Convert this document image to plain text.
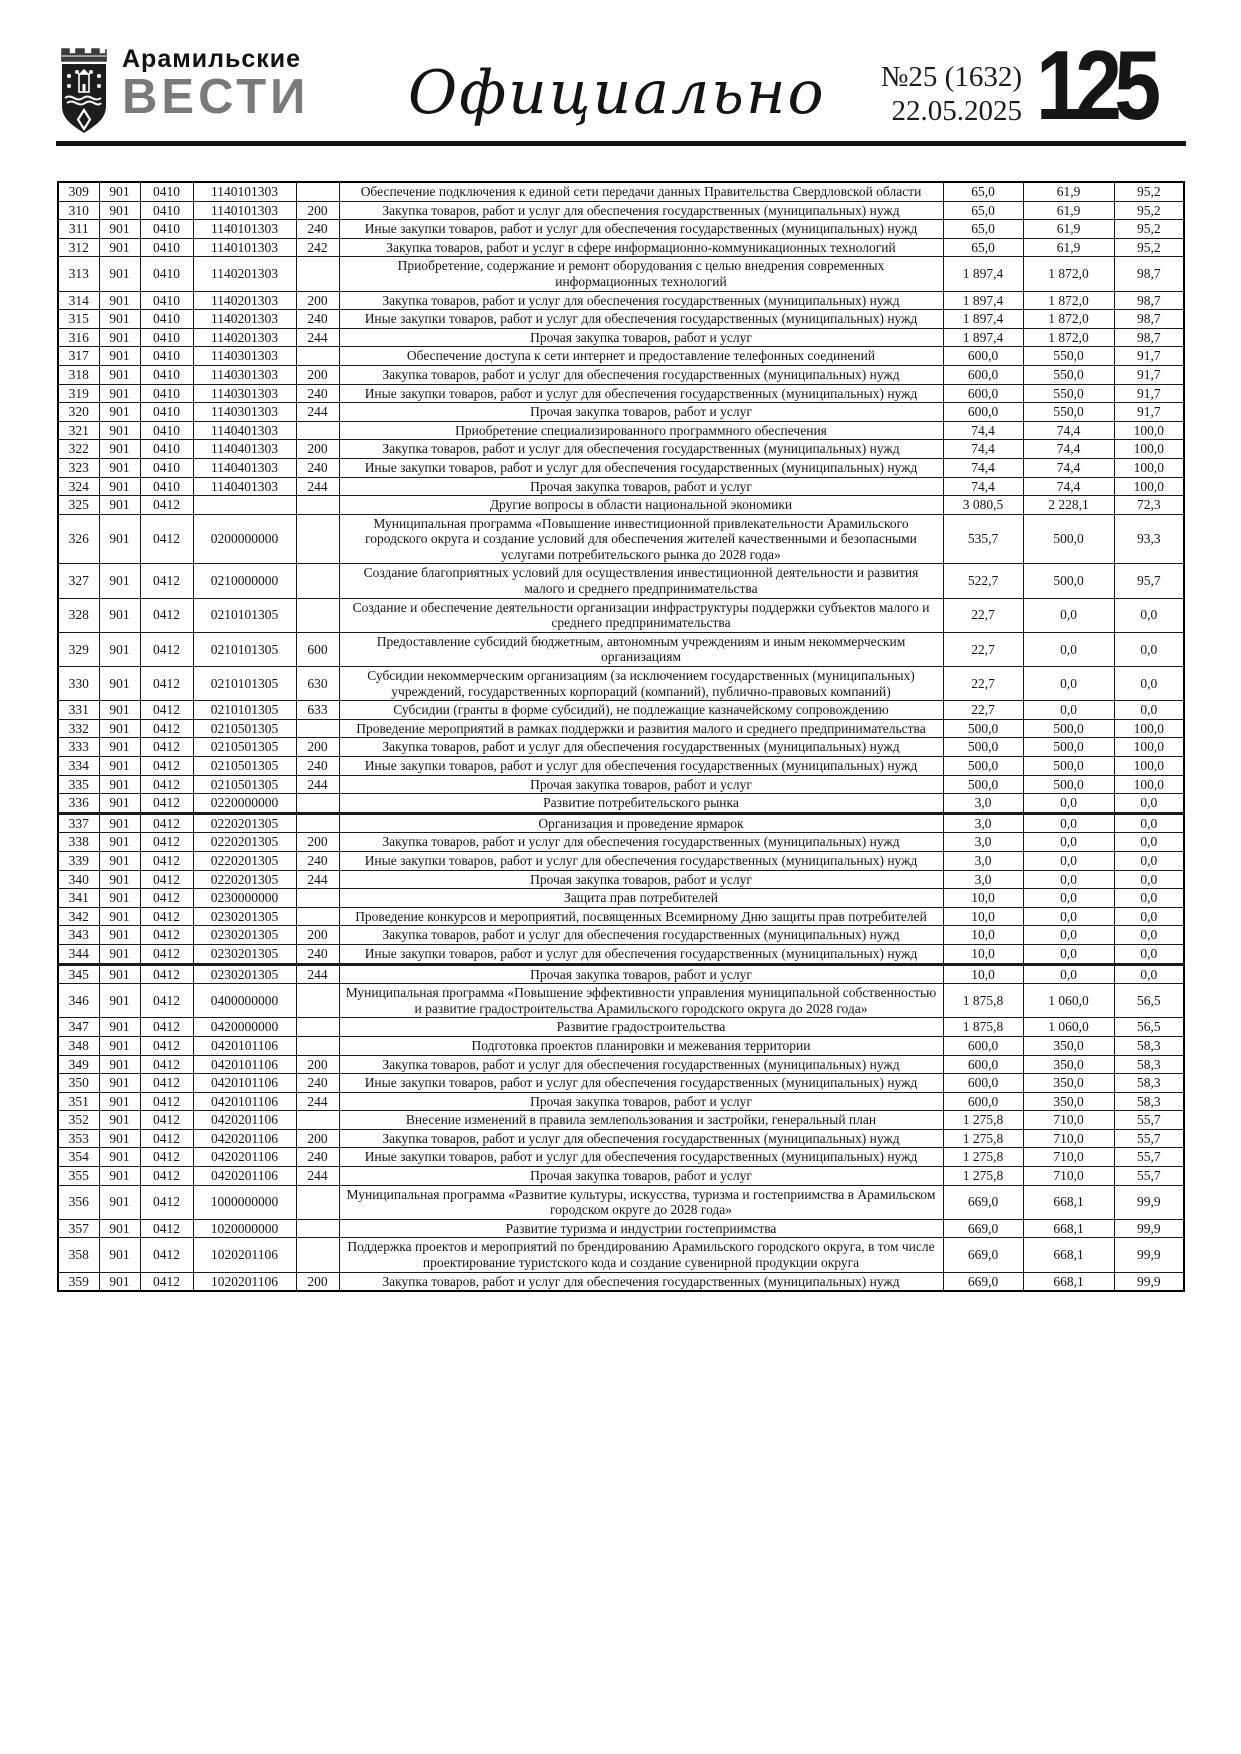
Арамильские
ВЕСТИ Официально №25 (1632)
22.05.2025 125
309	901	0410	1140101303		Обеспечение подключения к единой сети передачи данных Правительства Свердловской области	65,0	61,9	95,2
310	901	0410	1140101303	200	Закупка товаров, работ и услуг для обеспечения государственных (муниципальных) нужд	65,0	61,9	95,2
311	901	0410	1140101303	240	Иные закупки товаров, работ и услуг для обеспечения государственных (муниципальных) нужд	65,0	61,9	95,2
312	901	0410	1140101303	242	Закупка товаров, работ и услуг в сфере информационно-коммуникационных технологий	65,0	61,9	95,2
313	901	0410	1140201303		Приобретение, содержание и ремонт оборудования с целью внедрения современных информационных технологий	1 897,4	1 872,0	98,7
314	901	0410	1140201303	200	Закупка товаров, работ и услуг для обеспечения государственных (муниципальных) нужд	1 897,4	1 872,0	98,7
315	901	0410	1140201303	240	Иные закупки товаров, работ и услуг для обеспечения государственных (муниципальных) нужд	1 897,4	1 872,0	98,7
316	901	0410	1140201303	244	Прочая закупка товаров, работ и услуг	1 897,4	1 872,0	98,7
317	901	0410	1140301303		Обеспечение доступа к сети интернет и предоставление телефонных соединений	600,0	550,0	91,7
318	901	0410	1140301303	200	Закупка товаров, работ и услуг для обеспечения государственных (муниципальных) нужд	600,0	550,0	91,7
319	901	0410	1140301303	240	Иные закупки товаров, работ и услуг для обеспечения государственных (муниципальных) нужд	600,0	550,0	91,7
320	901	0410	1140301303	244	Прочая закупка товаров, работ и услуг	600,0	550,0	91,7
321	901	0410	1140401303		Приобретение специализированного программного обеспечения	74,4	74,4	100,0
322	901	0410	1140401303	200	Закупка товаров, работ и услуг для обеспечения государственных (муниципальных) нужд	74,4	74,4	100,0
323	901	0410	1140401303	240	Иные закупки товаров, работ и услуг для обеспечения государственных (муниципальных) нужд	74,4	74,4	100,0
324	901	0410	1140401303	244	Прочая закупка товаров, работ и услуг	74,4	74,4	100,0
325	901	0412			Другие вопросы в области национальной экономики	3 080,5	2 228,1	72,3
326	901	0412	0200000000		Муниципальная программа «Повышение инвестиционной привлекательности Арамильского городского округа и создание условий для обеспечения жителей качественными и безопасными услугами потребительского рынка до 2028 года»	535,7	500,0	93,3
327	901	0412	0210000000		Создание благоприятных условий для осуществления инвестиционной деятельности и развития малого и среднего предпринимательства	522,7	500,0	95,7
328	901	0412	0210101305		Создание и обеспечение деятельности организации инфраструктуры поддержки субъектов малого и среднего предпринимательства	22,7	0,0	0,0
329	901	0412	0210101305	600	Предоставление субсидий бюджетным, автономным учреждениям и иным некоммерческим организациям	22,7	0,0	0,0
330	901	0412	0210101305	630	Субсидии некоммерческим организациям (за исключением государственных (муниципальных) учреждений, государственных корпораций (компаний), публично-правовых компаний)	22,7	0,0	0,0
331	901	0412	0210101305	633	Субсидии (гранты в форме субсидий), не подлежащие казначейскому сопровождению	22,7	0,0	0,0
332	901	0412	0210501305		Проведение мероприятий в рамках поддержки и развития малого и среднего предпринимательства	500,0	500,0	100,0
333	901	0412	0210501305	200	Закупка товаров, работ и услуг для обеспечения государственных (муниципальных) нужд	500,0	500,0	100,0
334	901	0412	0210501305	240	Иные закупки товаров, работ и услуг для обеспечения государственных (муниципальных) нужд	500,0	500,0	100,0
335	901	0412	0210501305	244	Прочая закупка товаров, работ и услуг	500,0	500,0	100,0
336	901	0412	0220000000		Развитие потребительского рынка	3,0	0,0	0,0
337	901	0412	0220201305		Организация и проведение ярмарок	3,0	0,0	0,0
338	901	0412	0220201305	200	Закупка товаров, работ и услуг для обеспечения государственных (муниципальных) нужд	3,0	0,0	0,0
339	901	0412	0220201305	240	Иные закупки товаров, работ и услуг для обеспечения государственных (муниципальных) нужд	3,0	0,0	0,0
340	901	0412	0220201305	244	Прочая закупка товаров, работ и услуг	3,0	0,0	0,0
341	901	0412	0230000000		Защита прав потребителей	10,0	0,0	0,0
342	901	0412	0230201305		Проведение конкурсов и мероприятий, посвященных Всемирному Дню защиты прав потребителей	10,0	0,0	0,0
343	901	0412	0230201305	200	Закупка товаров, работ и услуг для обеспечения государственных (муниципальных) нужд	10,0	0,0	0,0
344	901	0412	0230201305	240	Иные закупки товаров, работ и услуг для обеспечения государственных (муниципальных) нужд	10,0	0,0	0,0
345	901	0412	0230201305	244	Прочая закупка товаров, работ и услуг	10,0	0,0	0,0
346	901	0412	0400000000		Муниципальная программа «Повышение эффективности управления муниципальной собственностью и развитие градостроительства Арамильского городского округа до 2028 года»	1 875,8	1 060,0	56,5
347	901	0412	0420000000		Развитие градостроительства	1 875,8	1 060,0	56,5
348	901	0412	0420101106		Подготовка проектов планировки и межевания территории	600,0	350,0	58,3
349	901	0412	0420101106	200	Закупка товаров, работ и услуг для обеспечения государственных (муниципальных) нужд	600,0	350,0	58,3
350	901	0412	0420101106	240	Иные закупки товаров, работ и услуг для обеспечения государственных (муниципальных) нужд	600,0	350,0	58,3
351	901	0412	0420101106	244	Прочая закупка товаров, работ и услуг	600,0	350,0	58,3
352	901	0412	0420201106		Внесение изменений в правила землепользования и застройки, генеральный план	1 275,8	710,0	55,7
353	901	0412	0420201106	200	Закупка товаров, работ и услуг для обеспечения государственных (муниципальных) нужд	1 275,8	710,0	55,7
354	901	0412	0420201106	240	Иные закупки товаров, работ и услуг для обеспечения государственных (муниципальных) нужд	1 275,8	710,0	55,7
355	901	0412	0420201106	244	Прочая закупка товаров, работ и услуг	1 275,8	710,0	55,7
356	901	0412	1000000000		Муниципальная программа «Развитие культуры, искусства, туризма и гостеприимства в Арамильском городском округе до 2028 года»	669,0	668,1	99,9
357	901	0412	1020000000		Развитие туризма и индустрии гостеприимства	669,0	668,1	99,9
358	901	0412	1020201106		Поддержка проектов и мероприятий по брендированию Арамильского городского округа, в том числе проектирование туристского кода и создание сувенирной продукции округа	669,0	668,1	99,9
359	901	0412	1020201106	200	Закупка товаров, работ и услуг для обеспечения государственных (муниципальных) нужд	669,0	668,1	99,9
